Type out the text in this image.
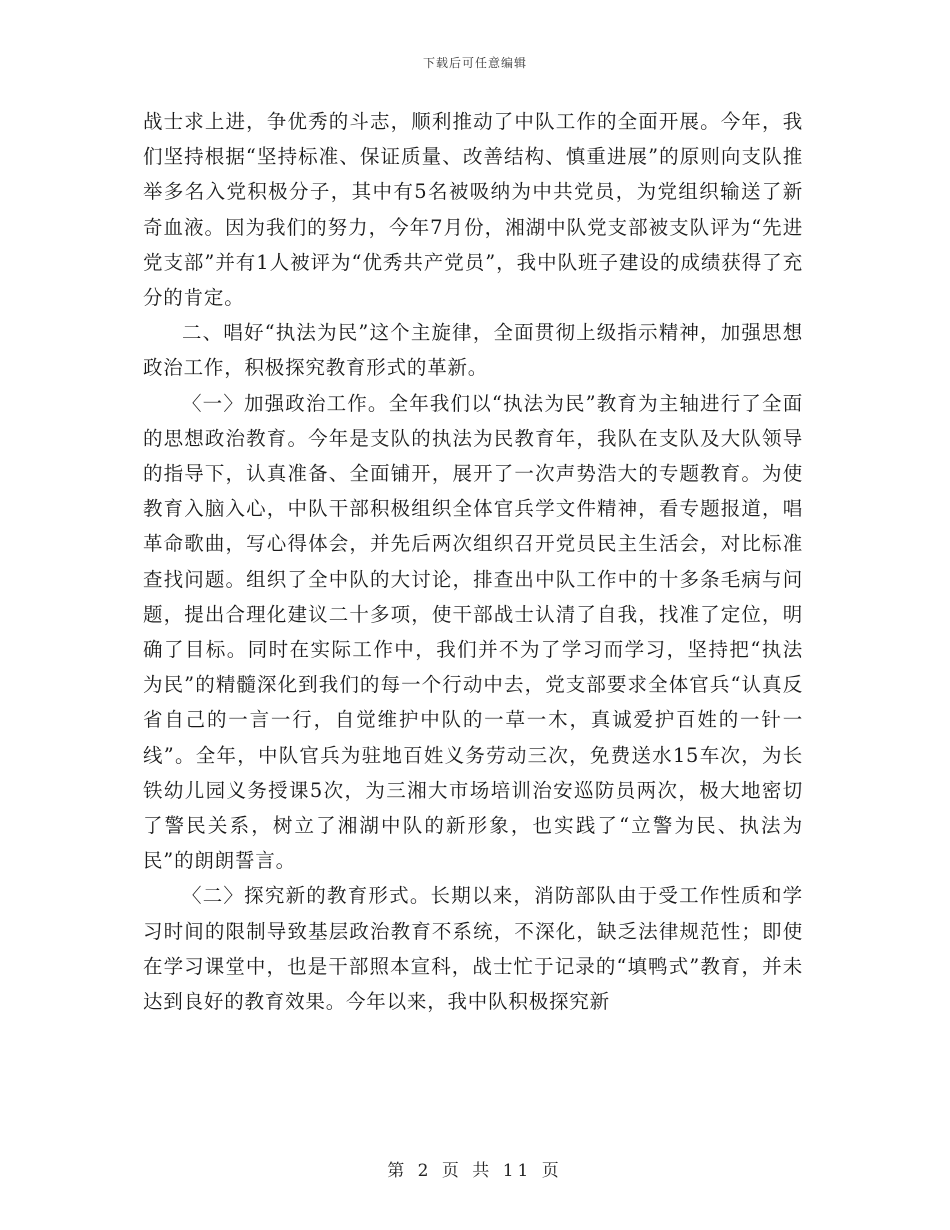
下载后可任意编辑

战士求上进，争优秀的斗志，顺利推动了中队工作的全面开展。今年，我们坚持根据“坚持标准、保证质量、改善结构、慎重进展”的原则向支队推举多名入党积极分子，其中有5名被吸纳为中共党员，为党组织输送了新奇血液。因为我们的努力，今年7月份，湘湖中队党支部被支队评为“先进党支部”并有1人被评为“优秀共产党员”，我中队班子建设的成绩获得了充分的肯定。

二、唱好“执法为民”这个主旋律，全面贯彻上级指示精神，加强思想政治工作，积极探究教育形式的革新。

〈一〉加强政治工作。全年我们以“执法为民”教育为主轴进行了全面的思想政治教育。今年是支队的执法为民教育年，我队在支队及大队领导的指导下，认真准备、全面铺开，展开了一次声势浩大的专题教育。为使教育入脑入心，中队干部积极组织全体官兵学文件精神，看专题报道，唱革命歌曲，写心得体会，并先后两次组织召开党员民主生活会，对比标准查找问题。组织了全中队的大讨论，排查出中队工作中的十多条毛病与问题，提出合理化建议二十多项，使干部战士认清了自我，找准了定位，明确了目标。同时在实际工作中，我们并不为了学习而学习，坚持把“执法为民”的精髓深化到我们的每一个行动中去，党支部要求全体官兵“认真反省自己的一言一行，自觉维护中队的一草一木，真诚爱护百姓的一针一线”。全年，中队官兵为驻地百姓义务劳动三次，免费送水15车次，为长铁幼儿园义务授课5次，为三湘大市场培训治安巡防员两次，极大地密切了警民关系，树立了湘湖中队的新形象，也实践了“立警为民、执法为民”的朗朗誓言。

〈二〉探究新的教育形式。长期以来，消防部队由于受工作性质和学习时间的限制导致基层政治教育不系统，不深化，缺乏法律规范性；即使在学习课堂中，也是干部照本宣科，战士忙于记录的“填鸭式”教育，并未达到良好的教育效果。今年以来，我中队积极探究新

第 2 页 共 11 页
